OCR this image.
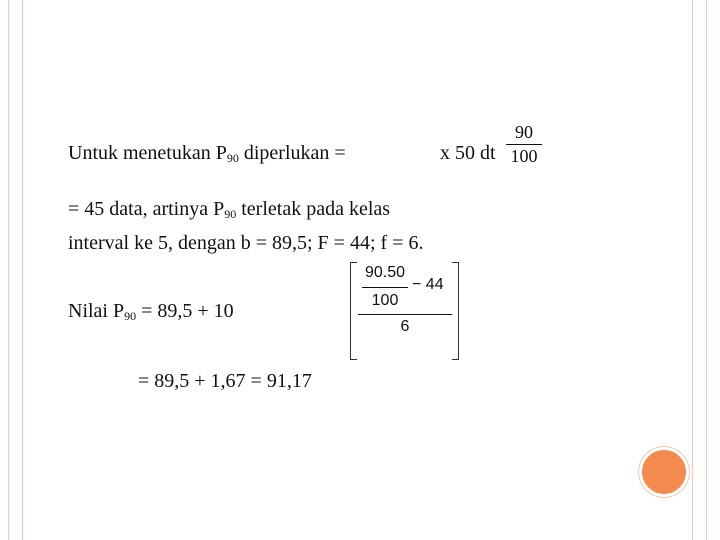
Untuk menetukan $P_{90}$ diperlukan =	x 50 dt
90
100
= 45 data, artinya $P_{90}$ terletak pada kelas
interval ke 5, dengan b = 89,5; F = 44; f = 6.
Nilai $P_{90} = 89,5 + 10$
90.50
100
− 44
6
= 89,5 + 1,67 = 91,17
